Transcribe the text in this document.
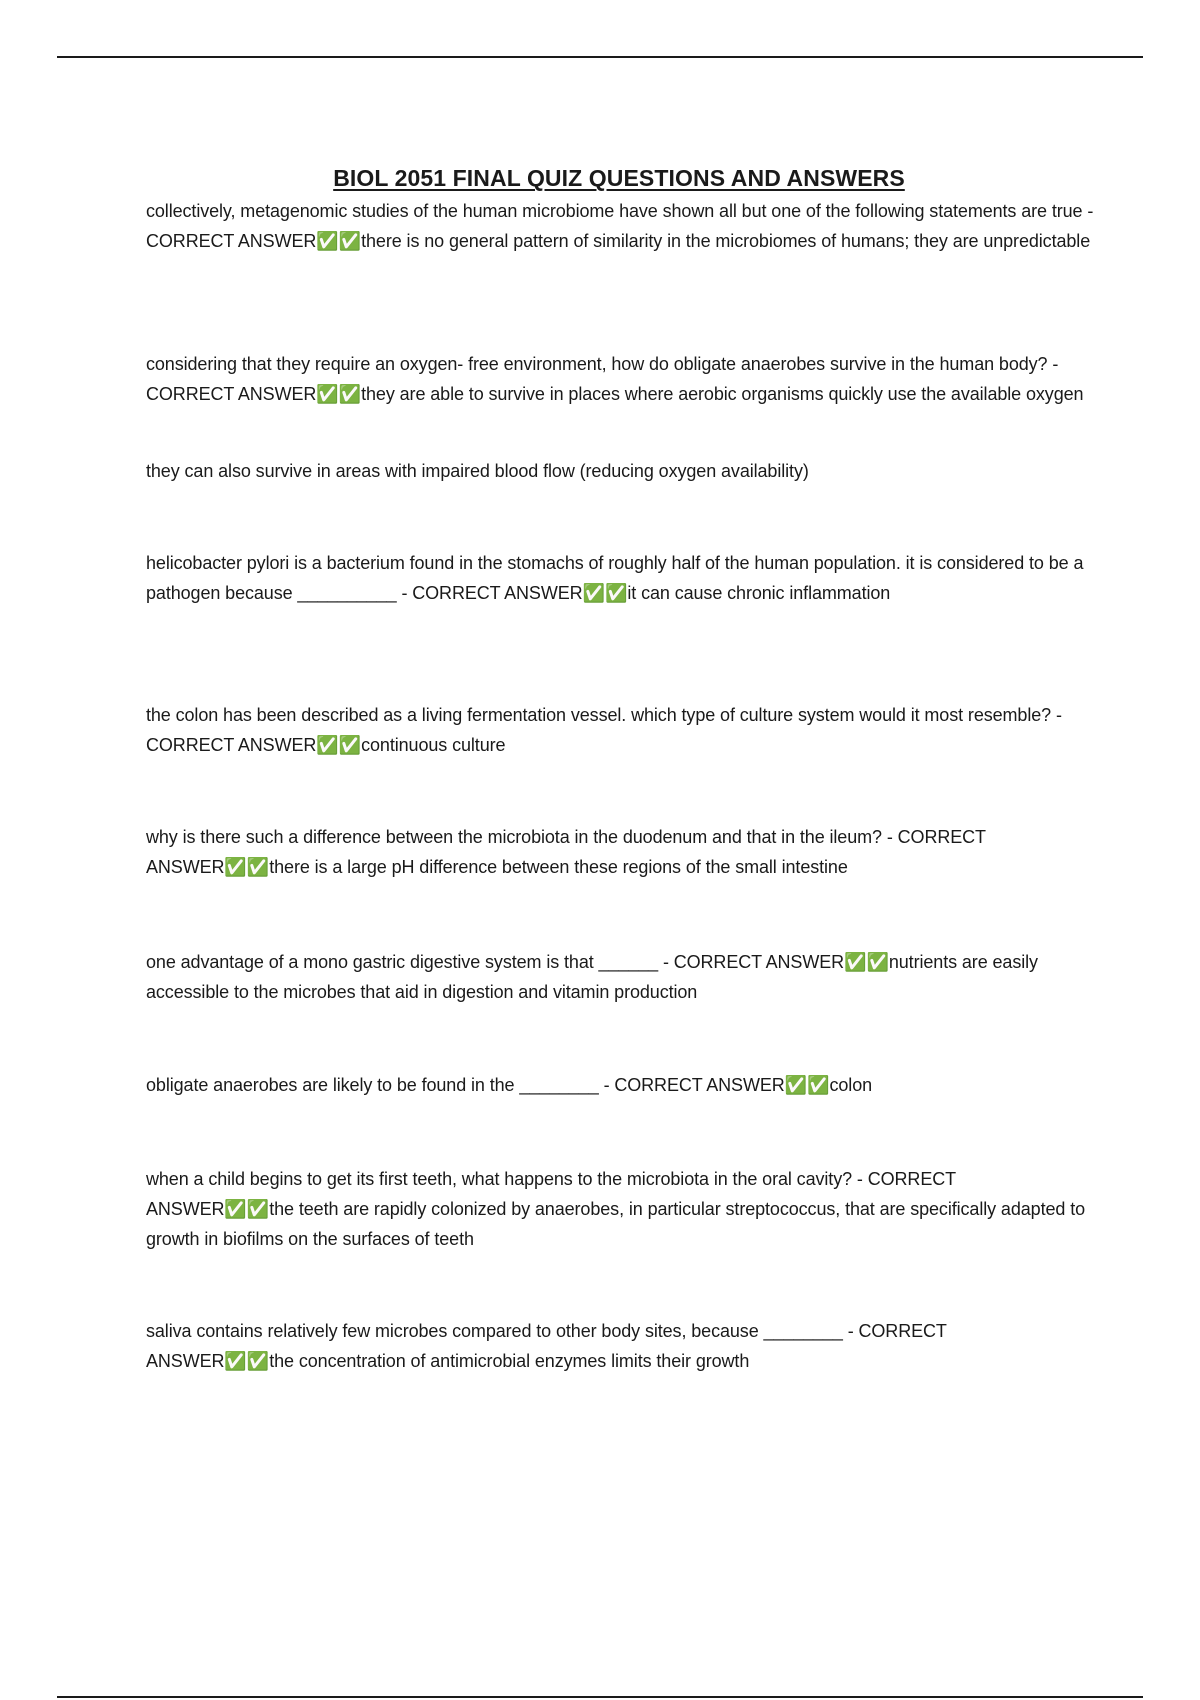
BIOL 2051 FINAL QUIZ QUESTIONS AND ANSWERS

collectively, metagenomic studies of the human microbiome have shown all but one of the following statements are true - CORRECT ANSWER✅✅there is no general pattern of similarity in the microbiomes of humans; they are unpredictable

considering that they require an oxygen- free environment, how do obligate anaerobes survive in the human body? - CORRECT ANSWER✅✅they are able to survive in places where aerobic organisms quickly use the available oxygen

they can also survive in areas with impaired blood flow (reducing oxygen availability)

helicobacter pylori is a bacterium found in the stomachs of roughly half of the human population. it is considered to be a pathogen because __________ - CORRECT ANSWER✅✅it can cause chronic inflammation

the colon has been described as a living fermentation vessel. which type of culture system would it most resemble? - CORRECT ANSWER✅✅continuous culture

why is there such a difference between the microbiota in the duodenum and that in the ileum? - CORRECT ANSWER✅✅there is a large pH difference between these regions of the small intestine

one advantage of a mono gastric digestive system is that ______ - CORRECT ANSWER✅✅nutrients are easily accessible to the microbes that aid in digestion and vitamin production

obligate anaerobes are likely to be found in the ________ - CORRECT ANSWER✅✅colon

when a child begins to get its first teeth, what happens to the microbiota in the oral cavity? - CORRECT ANSWER✅✅the teeth are rapidly colonized by anaerobes, in particular streptococcus, that are specifically adapted to growth in biofilms on the surfaces of teeth

saliva contains relatively few microbes compared to other body sites, because ________ - CORRECT ANSWER✅✅the concentration of antimicrobial enzymes limits their growth
